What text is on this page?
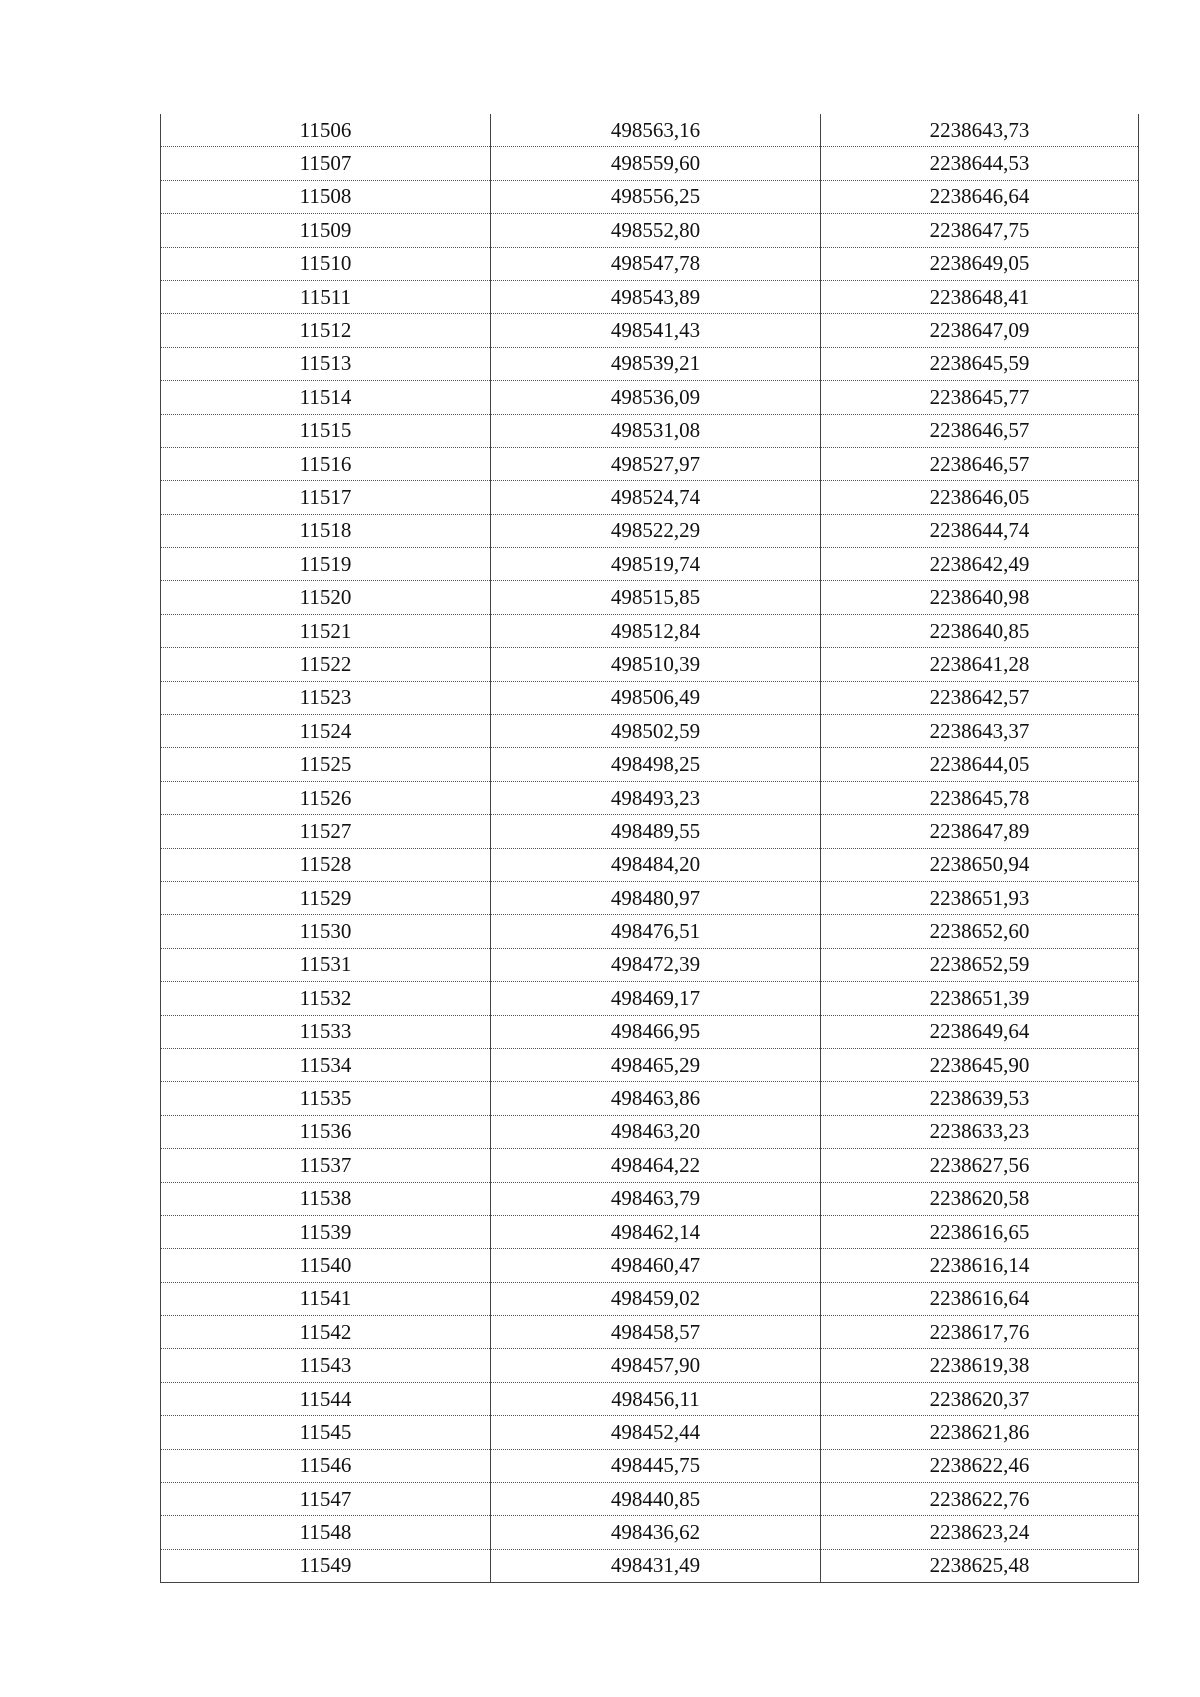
11506	498563,16	2238643,73
11507	498559,60	2238644,53
11508	498556,25	2238646,64
11509	498552,80	2238647,75
11510	498547,78	2238649,05
11511	498543,89	2238648,41
11512	498541,43	2238647,09
11513	498539,21	2238645,59
11514	498536,09	2238645,77
11515	498531,08	2238646,57
11516	498527,97	2238646,57
11517	498524,74	2238646,05
11518	498522,29	2238644,74
11519	498519,74	2238642,49
11520	498515,85	2238640,98
11521	498512,84	2238640,85
11522	498510,39	2238641,28
11523	498506,49	2238642,57
11524	498502,59	2238643,37
11525	498498,25	2238644,05
11526	498493,23	2238645,78
11527	498489,55	2238647,89
11528	498484,20	2238650,94
11529	498480,97	2238651,93
11530	498476,51	2238652,60
11531	498472,39	2238652,59
11532	498469,17	2238651,39
11533	498466,95	2238649,64
11534	498465,29	2238645,90
11535	498463,86	2238639,53
11536	498463,20	2238633,23
11537	498464,22	2238627,56
11538	498463,79	2238620,58
11539	498462,14	2238616,65
11540	498460,47	2238616,14
11541	498459,02	2238616,64
11542	498458,57	2238617,76
11543	498457,90	2238619,38
11544	498456,11	2238620,37
11545	498452,44	2238621,86
11546	498445,75	2238622,46
11547	498440,85	2238622,76
11548	498436,62	2238623,24
11549	498431,49	2238625,48
